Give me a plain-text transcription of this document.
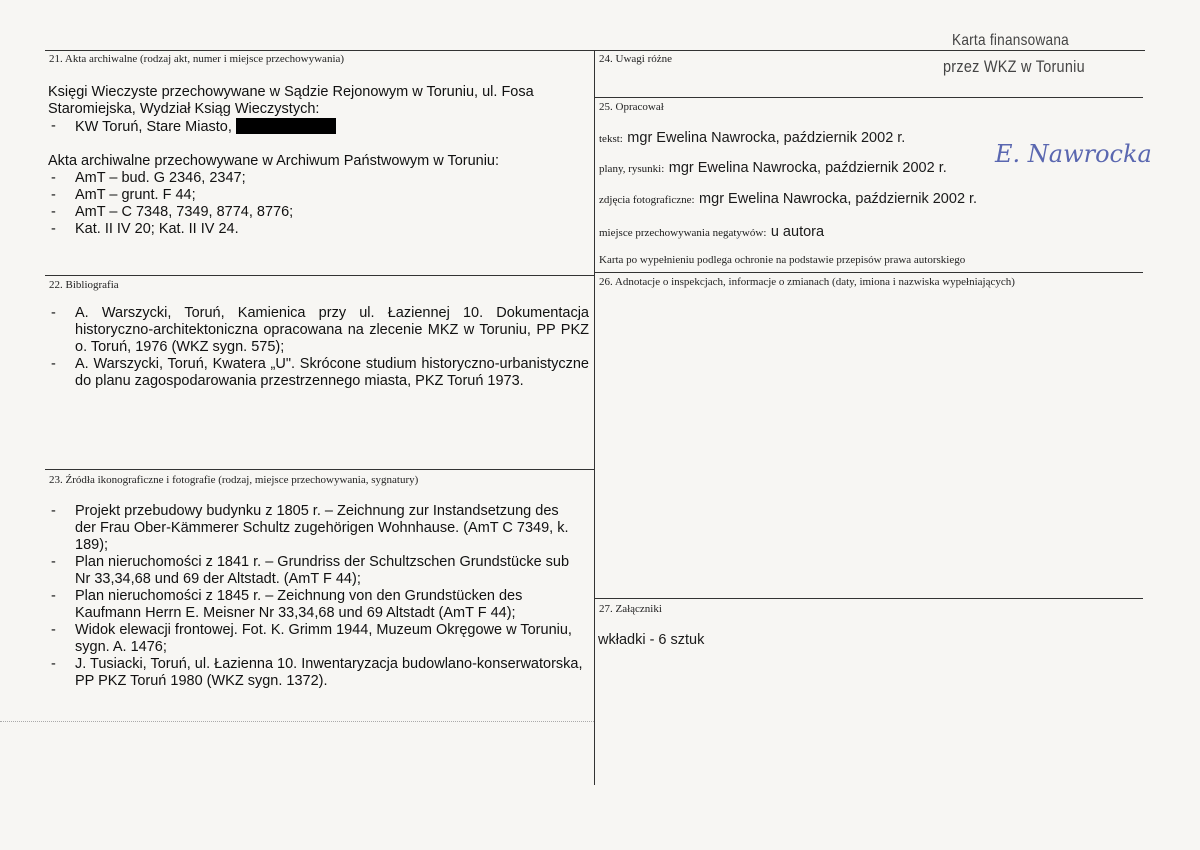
Karta finansowana
przez WKZ w Toruniu
21. Akta archiwalne (rodzaj akt, numer i miejsce przechowywania)

Księgi Wieczyste przechowywane w Sądzie Rejonowym w Toruniu, ul. Fosa Staromiejska, Wydział Ksiąg Wieczystych:

- KW Toruń, Stare Miasto,

Akta archiwalne przechowywane w Archiwum Państwowym w Toruniu:

- AmT – bud. G 2346, 2347;
- AmT – grunt. F 44;
- AmT – C 7348, 7349, 8774, 8776;
- Kat. II IV 20; Kat. II IV 24.
22. Bibliografia
- A. Warszycki, Toruń, Kamienica przy ul. Łaziennej 10. Dokumentacja historyczno-architektoniczna opracowana na zlecenie MKZ w Toruniu, PP PKZ o. Toruń, 1976 (WKZ sygn. 575);
- A. Warszycki, Toruń, Kwatera „U". Skrócone studium historyczno-urbanistyczne do planu zagospodarowania przestrzennego miasta, PKZ Toruń 1973.
23. Źródła ikonograficzne i fotografie (rodzaj, miejsce przechowywania, sygnatury)
- Projekt przebudowy budynku z 1805 r. – Zeichnung zur Instandsetzung des der Frau Ober-Kämmerer Schultz zugehörigen Wohnhause. (AmT C 7349, k. 189);
- Plan nieruchomości z 1841 r. – Grundriss der Schultzschen Grundstücke sub Nr 33,34,68 und 69 der Altstadt. (AmT F 44);
- Plan nieruchomości z 1845 r. – Zeichnung von den Grundstücken des Kaufmann Herrn E. Meisner Nr 33,34,68 und 69 Altstadt (AmT F 44);
- Widok elewacji frontowej. Fot. K. Grimm 1944, Muzeum Okręgowe w Toruniu, sygn. A. 1476;
- J. Tusiacki, Toruń, ul. Łazienna 10. Inwentaryzacja budowlano-konserwatorska, PP PKZ Toruń 1980 (WKZ sygn. 1372).
24. Uwagi różne
25. Opracował
tekst: mgr Ewelina Nawrocka, październik 2002 r.
plany, rysunki: mgr Ewelina Nawrocka, październik 2002 r. E. Nawrocka
zdjęcia fotograficzne: mgr Ewelina Nawrocka, październik 2002 r.
miejsce przechowywania negatywów: u autora
Karta po wypełnieniu podlega ochronie na podstawie przepisów prawa autorskiego
26. Adnotacje o inspekcjach, informacje o zmianach (daty, imiona i nazwiska wypełniających)
27. Załączniki
wkładki - 6 sztuk
